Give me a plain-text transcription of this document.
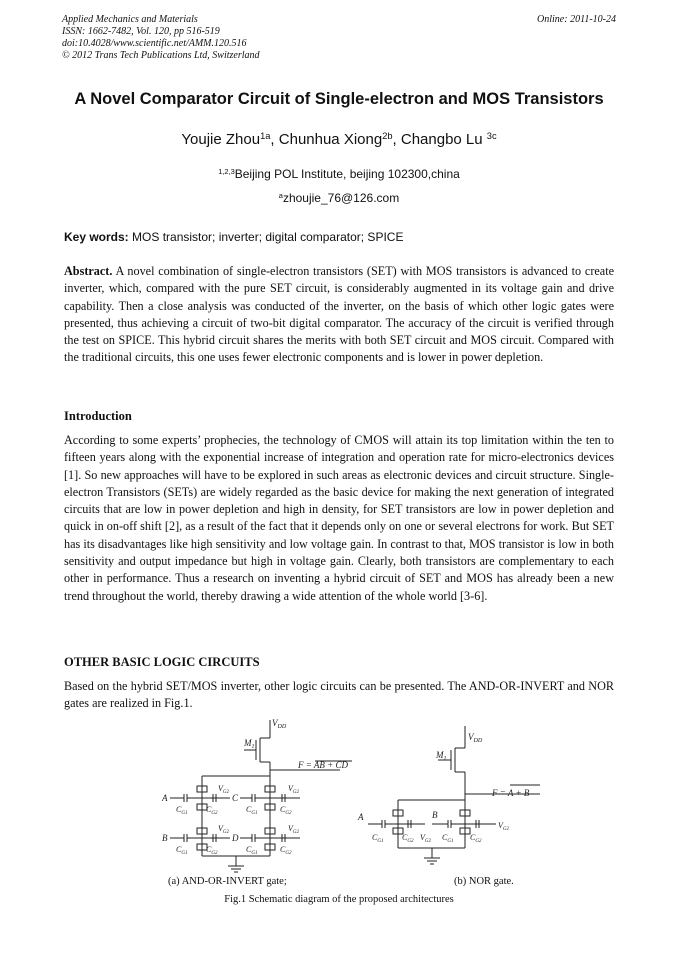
Applied Mechanics and Materials
ISSN: 1662-7482, Vol. 120, pp 516-519
doi:10.4028/www.scientific.net/AMM.120.516
© 2012 Trans Tech Publications Ltd, Switzerland
Online: 2011-10-24
A Novel Comparator Circuit of Single-electron and MOS Transistors
Youjie Zhou$^{1a}$, Chunhua Xiong$^{2b}$, Changbo Lu $^{3c}$
$^{1,2,3}$Beijing POL Institute, beijing 102300,china
$^a$zhoujie_76@126.com
Key words: MOS transistor; inverter; digital comparator; SPICE
Abstract. A novel combination of single-electron transistors (SET) with MOS transistors is advanced to create inverter, which, compared with the pure SET circuit, is considerably augmented in its voltage gain and drive capability. Then a close analysis was conducted of the inverter, on the basis of which other logic gates were presented, thus achieving a circuit of two-bit digital comparator. The accuracy of the circuit is verified through the test on SPICE. This hybrid circuit shares the merits with both SET circuit and MOS circuit. Compared with the traditional circuits, this one uses fewer electronic components and is lower in power depletion.
Introduction
According to some experts’ prophecies, the technology of CMOS will attain its top limitation within the ten to fifteen years along with the exponential increase of integration and operation rate for micro-electronics devices [1]. So new approaches will have to be explored in such areas as electronic devices and circuit structure. Single-electron Transistors (SETs) are widely regarded as the basic device for making the next generation of integrated circuits that are low in power depletion and high in density, for SET transistors are low in power depletion and quick in on-off shift [2], as a result of the fact that it depends only on one or several electrons for work. But SET has its disadvantages like high sensitivity and low voltage gain. In contrast to that, MOS transistor is low in both sensitivity and output impedance but high in voltage gain. Clearly, both transistors are complementary to each other in performance. Thus a research on inventing a hybrid circuit of SET and MOS has already been a new trend throughout the world, thereby drawing a wide attention of the whole world [3-6].
OTHER BASIC LOGIC CIRCUITS
Based on the hybrid SET/MOS inverter, other logic circuits can be presented. The AND-OR-INVERT and NOR gates are realized in Fig.1.
$V_{DD}$
$M_1$
F = AB + CD
A
B
C
D
$V_{G2}$
$V_{G2}$
$V_{G2}$
$V_{G2}$
$C_{G1}$ $C_{G2}$
$C_{G1}$ $C_{G2}$
$C_{G1}$	$C_{G2}$
$C_{G1}$	$C_{G2}$
$V_{DD}$
$M_1$
F = A + B
A	B
$C_{G1}$ $C_{G2}$ $V_{G2}$ $C_{G1}$ $C_{G2}$
$V_{G2}$
(a) AND-OR-INVERT gate;	(b) NOR gate.
Fig.1 Schematic diagram of the proposed architectures
